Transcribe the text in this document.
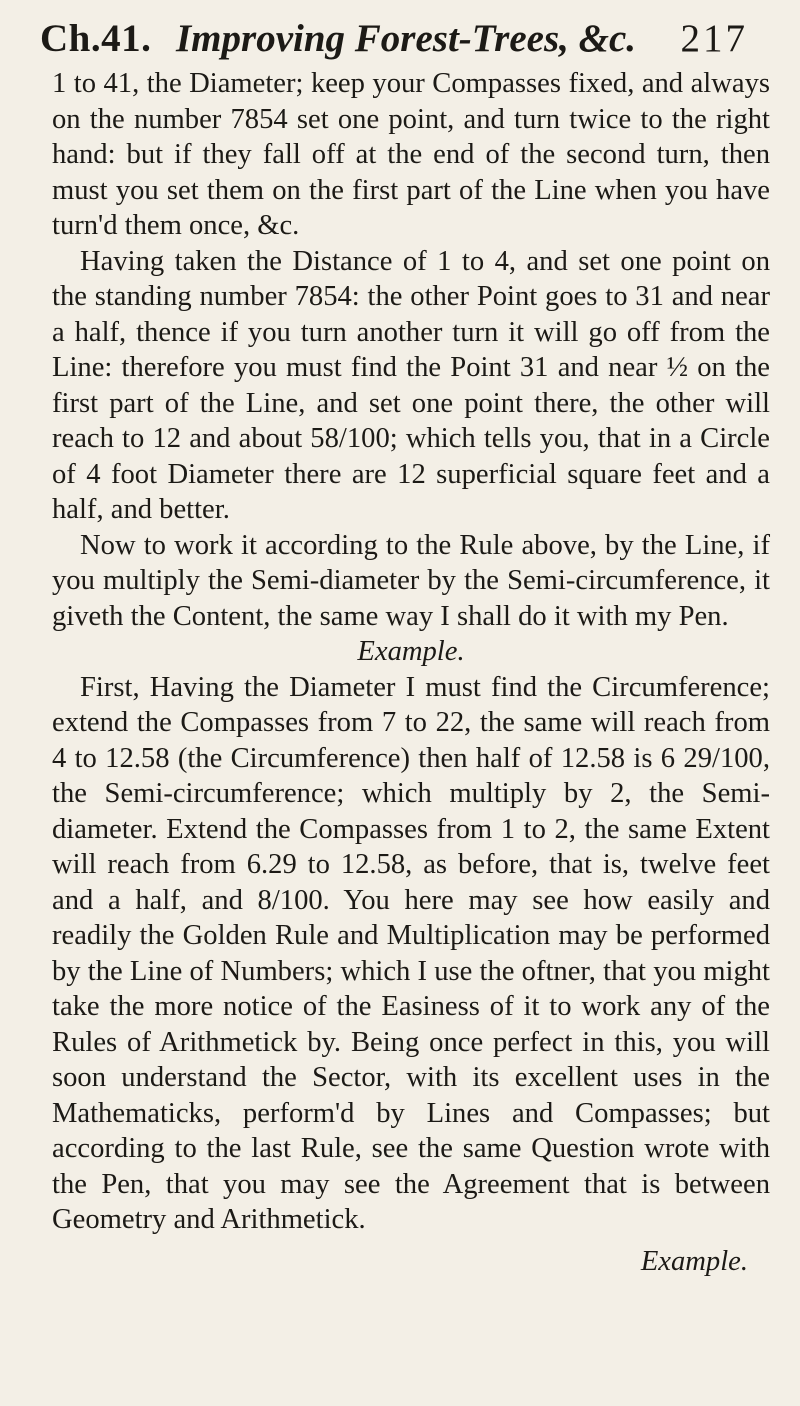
Ch.41. Improving Forest-Trees, &c. 217

1 to 41, the Diameter; keep your Compasses fixed, and always on the number 7854 set one point, and turn twice to the right hand: but if they fall off at the end of the second turn, then must you set them on the first part of the Line when you have turn'd them once, &c.

Having taken the Distance of 1 to 4, and set one point on the standing number 7854: the other Point goes to 31 and near a half, thence if you turn another turn it will go off from the Line: therefore you must find the Point 31 and near ½ on the first part of the Line, and set one point there, the other will reach to 12 and about 58/100; which tells you, that in a Circle of 4 foot Diameter there are 12 superficial square feet and a half, and better.

Now to work it according to the Rule above, by the Line, if you multiply the Semi-diameter by the Semi-circumference, it giveth the Content, the same way I shall do it with my Pen.

Example.

First, Having the Diameter I must find the Circumference; extend the Compasses from 7 to 22, the same will reach from 4 to 12.58 (the Circumference) then half of 12.58 is 6 29/100, the Semi-circumference; which multiply by 2, the Semi-diameter. Extend the Compasses from 1 to 2, the same Extent will reach from 6.29 to 12.58, as before, that is, twelve feet and a half, and 8/100. You here may see how easily and readily the Golden Rule and Multiplication may be performed by the Line of Numbers; which I use the oftner, that you might take the more notice of the Easiness of it to work any of the Rules of Arithmetick by. Being once perfect in this, you will soon understand the Sector, with its excellent uses in the Mathematicks, perform'd by Lines and Compasses; but according to the last Rule, see the same Question wrote with the Pen, that you may see the Agreement that is between Geometry and Arithmetick.

Example.
